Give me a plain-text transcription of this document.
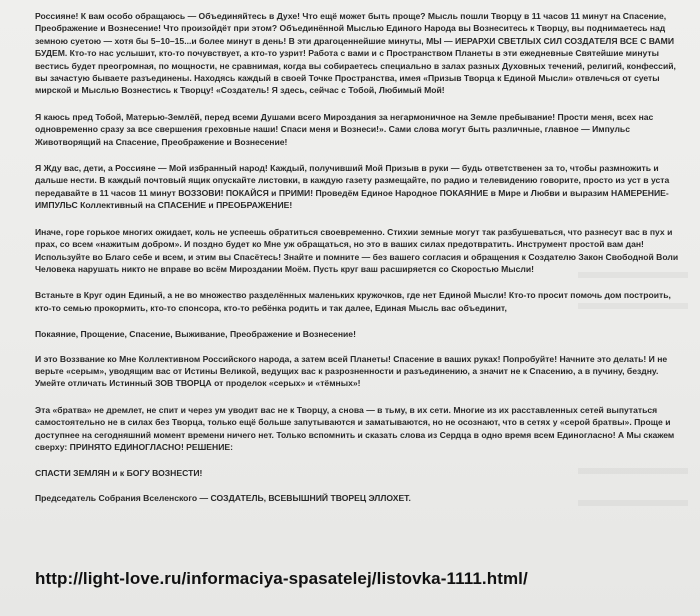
Россияне! К вам особо обращаюсь — Объединяйтесь в Духе! Что ещё может быть проще? Мысль пошли Творцу в 11 часов 11 минут на Спасение, Преображение и Вознесение! Что произойдёт при этом? Объединённой Мыслью Единого Народа вы Вознеситесь к Творцу, вы поднимаетесь над земною суетою — хотя бы 5–10–15...и более минут в день! В эти драгоценнейшие минуты, МЫ — ИЕРАРХИ СВЕТЛЫХ СИЛ СОЗДАТЕЛЯ ВСЕ С ВАМИ БУДЕМ. Кто-то нас услышит, кто-то почувствует, а кто-то узрит! Работа с вами и с Пространством Планеты в эти ежедневные Святейшие минуты вестись будет преогромная, по мощности, не сравнимая, когда вы собираетесь специально в залах разных Духовных течений, религий, конфессий, вы зачастую бываете разъединены. Находясь каждый в своей Точке Пространства, имея «Призыв Творца к Единой Мысли» отвлечься от суеты мирской и Мыслью Вознестись к Творцу! «Создатель! Я здесь, сейчас с Тобой, Любимый Мой!

Я каюсь пред Тобой, Матерью-Землёй, перед всеми Душами всего Мироздания за негармоничное на Земле пребывание! Прости меня, всех нас одновременно сразу за все свершения греховные наши! Спаси меня и Вознеси!». Сами слова могут быть различные, главное — Импульс Животворящий на Спасение, Преображение и Вознесение!

Я Жду вас, дети, а Россияне — Мой избранный народ! Каждый, получивший Мой Призыв в руки — будь ответственен за то, чтобы размножить и дальше нести. В каждый почтовый ящик опускайте листовки, в каждую газету размещайте, по радио и телевидению говорите, просто из уст в уста передавайте в 11 часов 11 минут ВОЗЗОВИ! ПОКАЙСЯ и ПРИМИ! Проведём Единое Народное ПОКАЯНИЕ в Мире и Любви и выразим НАМЕРЕНИЕ-ИМПУЛЬС Коллективный на СПАСЕНИЕ и ПРЕОБРАЖЕНИЕ!

Иначе, горе горькое многих ожидает, коль не успеешь обратиться своевременно. Стихии земные могут так разбушеваться, что разнесут вас в пух и прах, со всем «нажитым добром». И поздно будет ко Мне уж обращаться, но это в ваших силах предотвратить. Инструмент простой вам дан! Используйте во Благо себе и всем, и этим вы Спасётесь! Знайте и помните — без вашего согласия и обращения к Создателю Закон Свободной Воли Человека нарушать никто не вправе во всём Мироздании Моём. Пусть круг ваш расширяется со Скоростью Мысли!

Встаньте в Круг один Единый, а не во множество разделённых маленьких кружочков, где нет Единой Мысли! Кто-то просит помочь дом построить, кто-то семью прокормить, кто-то спонсора, кто-то ребёнка родить и так далее, Единая Мысль вас объединит,

Покаяние, Прощение, Спасение, Выживание, Преображение и Вознесение!

И это Воззвание ко Мне Коллективном Российского народа, а затем всей Планеты! Спасение в ваших руках! Попробуйте! Начните это делать! И не верьте «серым», уводящим вас от Истины Великой, ведущих вас к разрозненности и разъединению, а значит не к Спасению, а в пучину, бездну. Умейте отличать Истинный ЗОВ ТВОРЦА от проделок «серых» и «тёмных»!

Эта «братва» не дремлет, не спит и через ум уводит вас не к Творцу, а снова — в тьму, в их сети. Многие из их расставленных сетей выпутаться самостоятельно не в силах без Творца, только ещё больше запутываются и заматываются, но не осознают, что в сетях у «серой братвы». Проще и доступнее на сегодняшний момент времени ничего нет. Только вспомнить и сказать слова из Сердца в одно время всем Единогласно! А Мы скажем сверху: ПРИНЯТО ЕДИНОГЛАСНО! РЕШЕНИЕ:

СПАСТИ ЗЕМЛЯН и к БОГУ ВОЗНЕСТИ!

Председатель Собрания Вселенского — СОЗДАТЕЛЬ, ВСЕВЫШНИЙ ТВОРЕЦ ЭЛЛОХЕТ.

http://light-love.ru/informaciya-spasatelej/listovka-1111.html/
